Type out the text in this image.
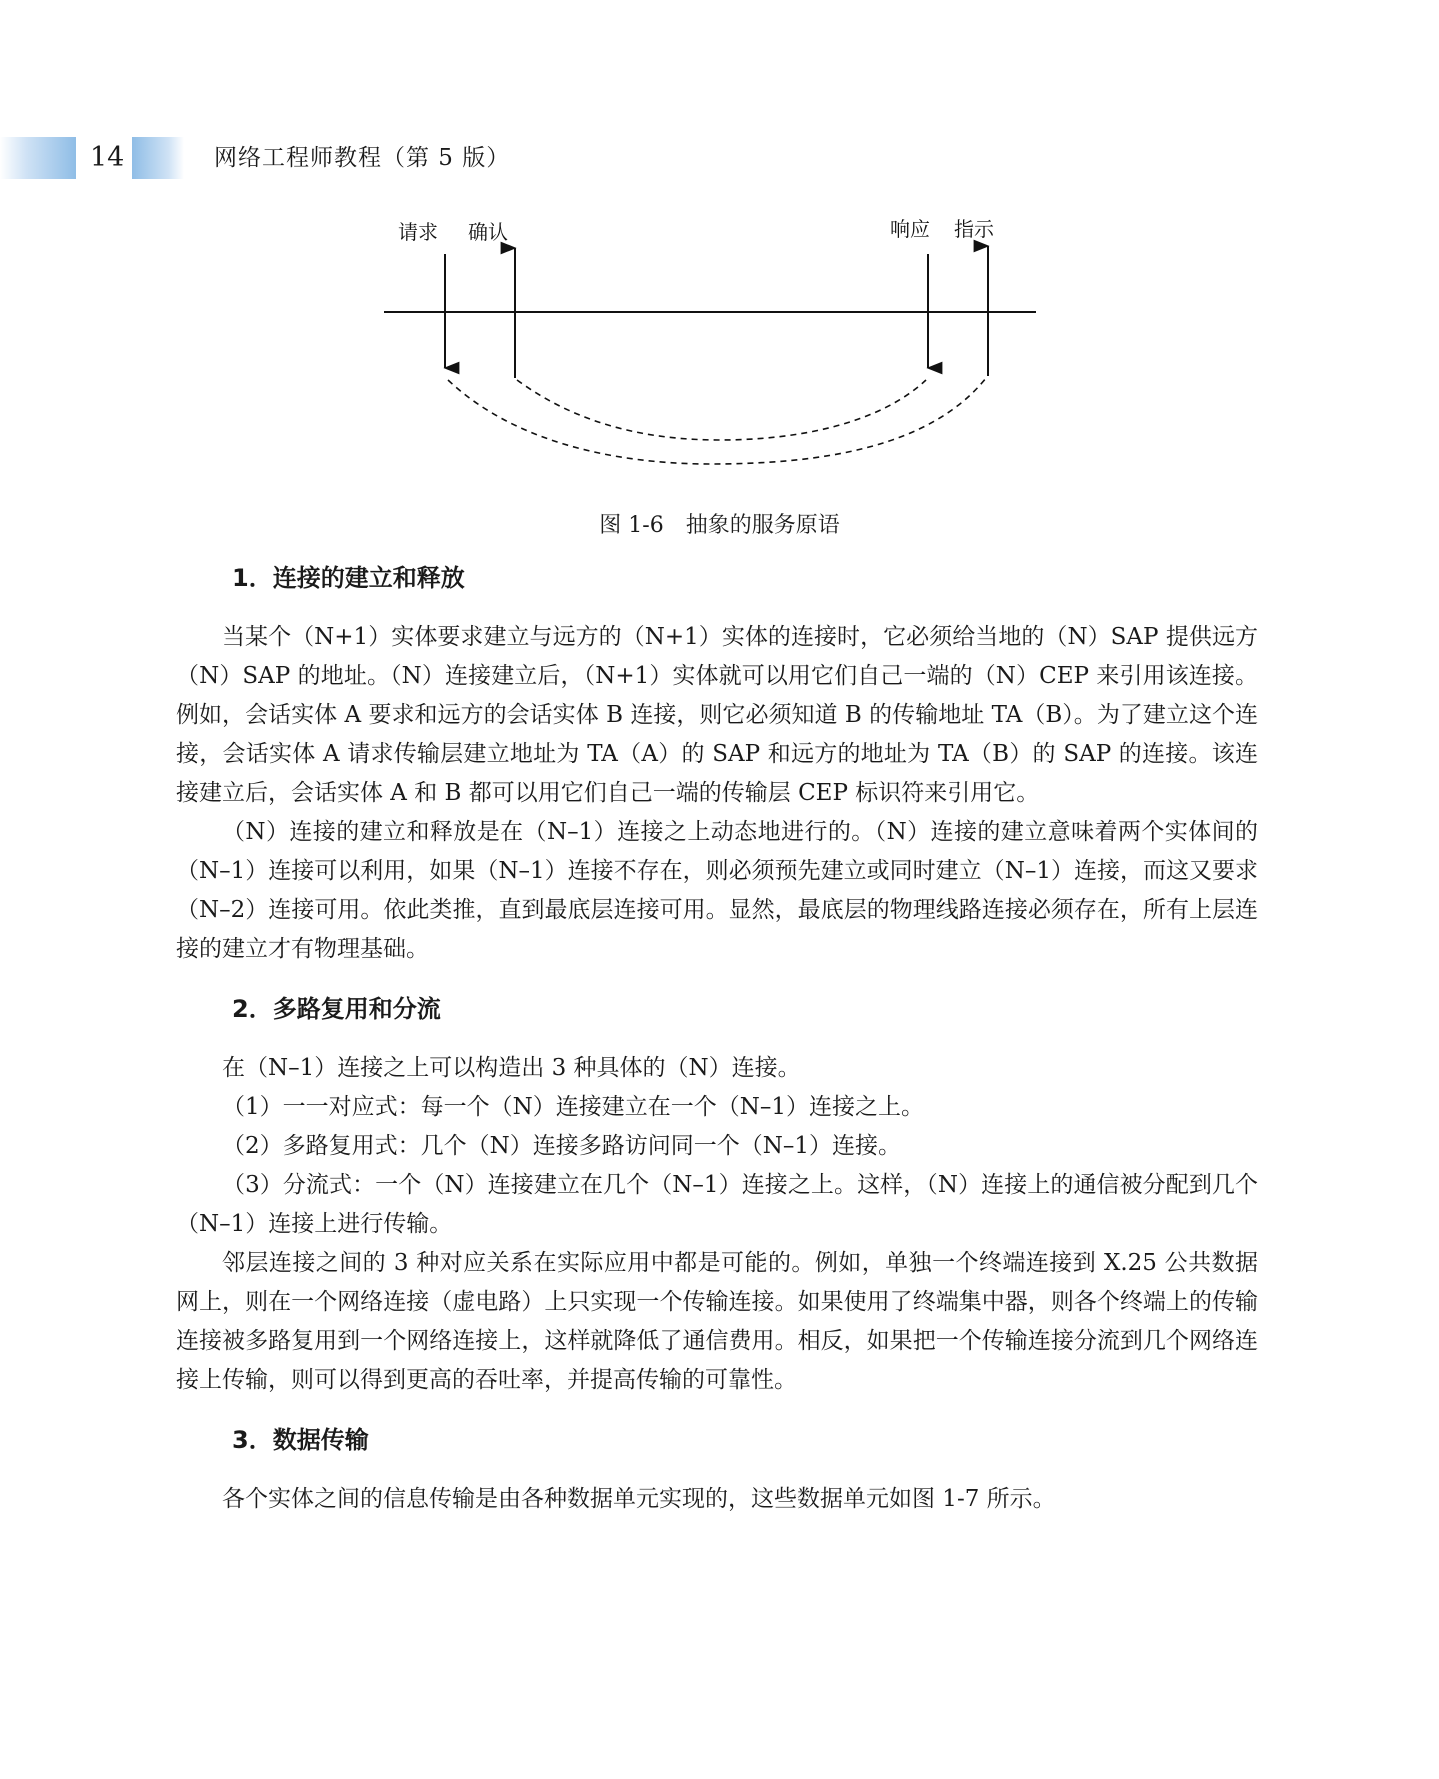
14	网络工程师教程（第 5 版）
请求 确认	响应 指示
图 1-6　抽象的服务原语
1．连接的建立和释放

当某个（N+1）实体要求建立与远方的（N+1）实体的连接时，它必须给当地的（N）SAP 提供远方（N）SAP 的地址。（N）连接建立后，（N+1）实体就可以用它们自己一端的（N）CEP 来引用该连接。例如，会话实体 A 要求和远方的会话实体 B 连接，则它必须知道 B 的传输地址 TA（B）。为了建立这个连接，会话实体 A 请求传输层建立地址为 TA（A）的 SAP 和远方的地址为 TA（B）的 SAP 的连接。该连接建立后，会话实体 A 和 B 都可以用它们自己一端的传输层 CEP 标识符来引用它。

（N）连接的建立和释放是在（N–1）连接之上动态地进行的。（N）连接的建立意味着两个实体间的（N–1）连接可以利用，如果（N–1）连接不存在，则必须预先建立或同时建立（N–1）连接，而这又要求（N–2）连接可用。依此类推，直到最底层连接可用。显然，最底层的物理线路连接必须存在，所有上层连接的建立才有物理基础。

2．多路复用和分流

在（N–1）连接之上可以构造出 3 种具体的（N）连接。

（1）一一对应式：每一个（N）连接建立在一个（N–1）连接之上。

（2）多路复用式：几个（N）连接多路访问同一个（N–1）连接。

（3）分流式：一个（N）连接建立在几个（N–1）连接之上。这样，（N）连接上的通信被分配到几个（N–1）连接上进行传输。

邻层连接之间的 3 种对应关系在实际应用中都是可能的。例如，单独一个终端连接到 X.25 公共数据网上，则在一个网络连接（虚电路）上只实现一个传输连接。如果使用了终端集中器，则各个终端上的传输连接被多路复用到一个网络连接上，这样就降低了通信费用。相反，如果把一个传输连接分流到几个网络连接上传输，则可以得到更高的吞吐率，并提高传输的可靠性。

3．数据传输

各个实体之间的信息传输是由各种数据单元实现的，这些数据单元如图 1-7 所示。
